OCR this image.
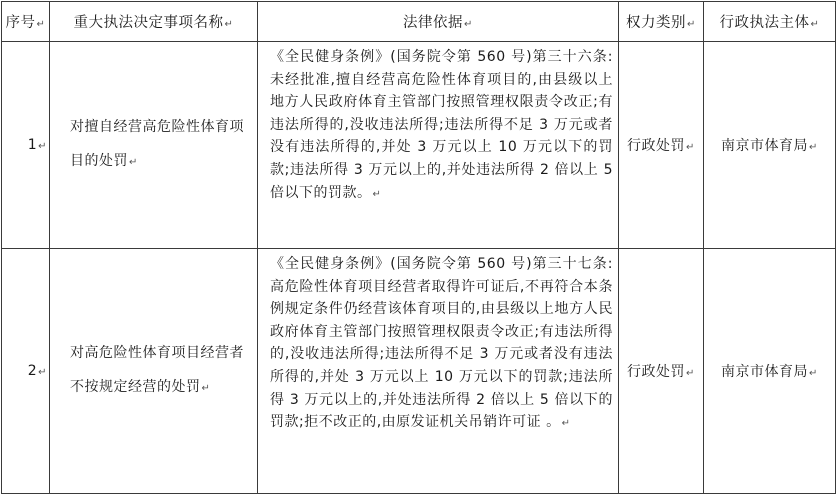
序号↵	重大执法决定事项名称↵	法律依据↵	权力类别↵	行政执法主体↵
1↵	对擅自经营高危险性体育项目的处罚↵	《全民健身条例》(国务院令第 560 号)第三十六条:未经批准,擅自经营高危险性体育项目的,由县级以上地方人民政府体育主管部门按照管理权限责令改正;有违法所得的,没收违法所得;违法所得不足 3 万元或者没有违法所得的,并处 3 万元以上 10 万元以下的罚款;违法所得 3 万元以上的,并处违法所得 2 倍以上 5 倍以下的罚款。↵	行政处罚↵	南京市体育局↵
2↵	对高危险性体育项目经营者不按规定经营的处罚↵	《全民健身条例》(国务院令第 560 号)第三十七条:高危险性体育项目经营者取得许可证后,不再符合本条例规定条件仍经营该体育项目的,由县级以上地方人民政府体育主管部门按照管理权限责令改正;有违法所得的,没收违法所得;违法所得不足 3 万元或者没有违法所得的,并处 3 万元以上 10 万元以下的罚款;违法所得 3 万元以上的,并处违法所得 2 倍以上 5 倍以下的罚款;拒不改正的,由原发证机关吊销许可证 。↵	行政处罚↵	南京市体育局↵
